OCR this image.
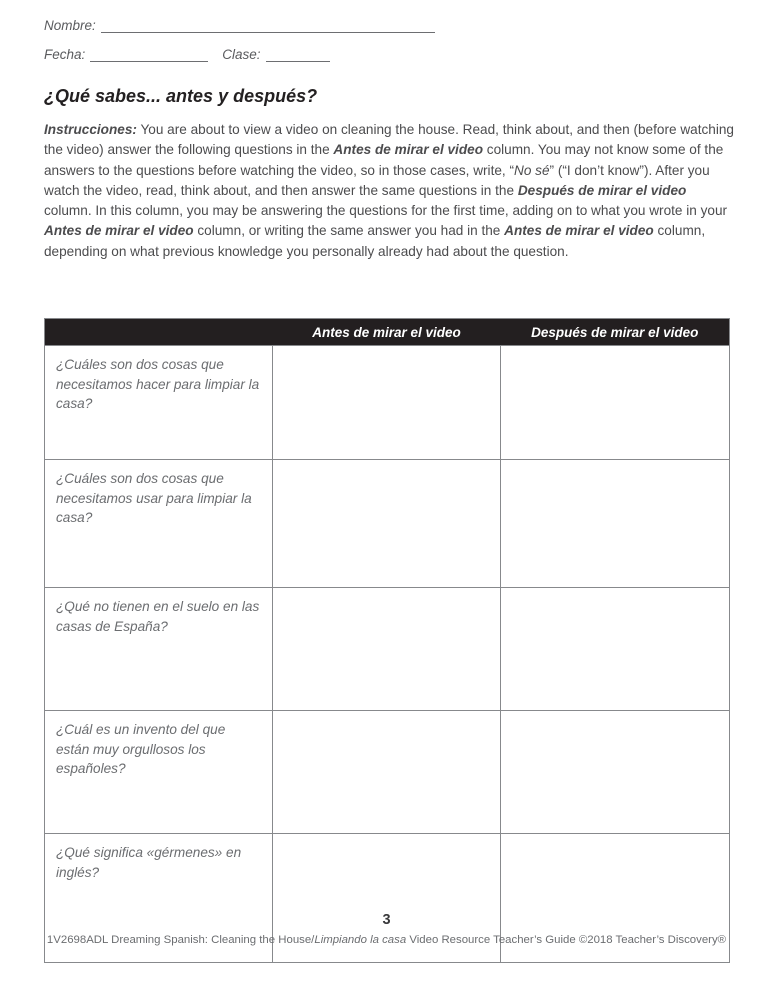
Nombre:
Fecha:	Clase:
¿Qué sabes... antes y después?
Instrucciones: You are about to view a video on cleaning the house. Read, think about, and then (before watching the video) answer the following questions in the Antes de mirar el video column. You may not know some of the answers to the questions before watching the video, so in those cases, write, “No sé” (“I don’t know”). After you watch the video, read, think about, and then answer the same questions in the Después de mirar el video column. In this column, you may be answering the questions for the first time, adding on to what you wrote in your Antes de mirar el video column, or writing the same answer you had in the Antes de mirar el video column, depending on what previous knowledge you personally already had about the question.
	Antes de mirar el video	Después de mirar el video
¿Cuáles son dos cosas que necesitamos hacer para limpiar la casa?		
¿Cuáles son dos cosas que necesitamos usar para limpiar la casa?		
¿Qué no tienen en el suelo en las casas de España?		
¿Cuál es un invento del que están muy orgullosos los españoles?		
¿Qué significa «gérmenes» en inglés?		
3
1V2698ADL Dreaming Spanish: Cleaning the House/Limpiando la casa Video Resource Teacher’s Guide ©2018 Teacher’s Discovery®
